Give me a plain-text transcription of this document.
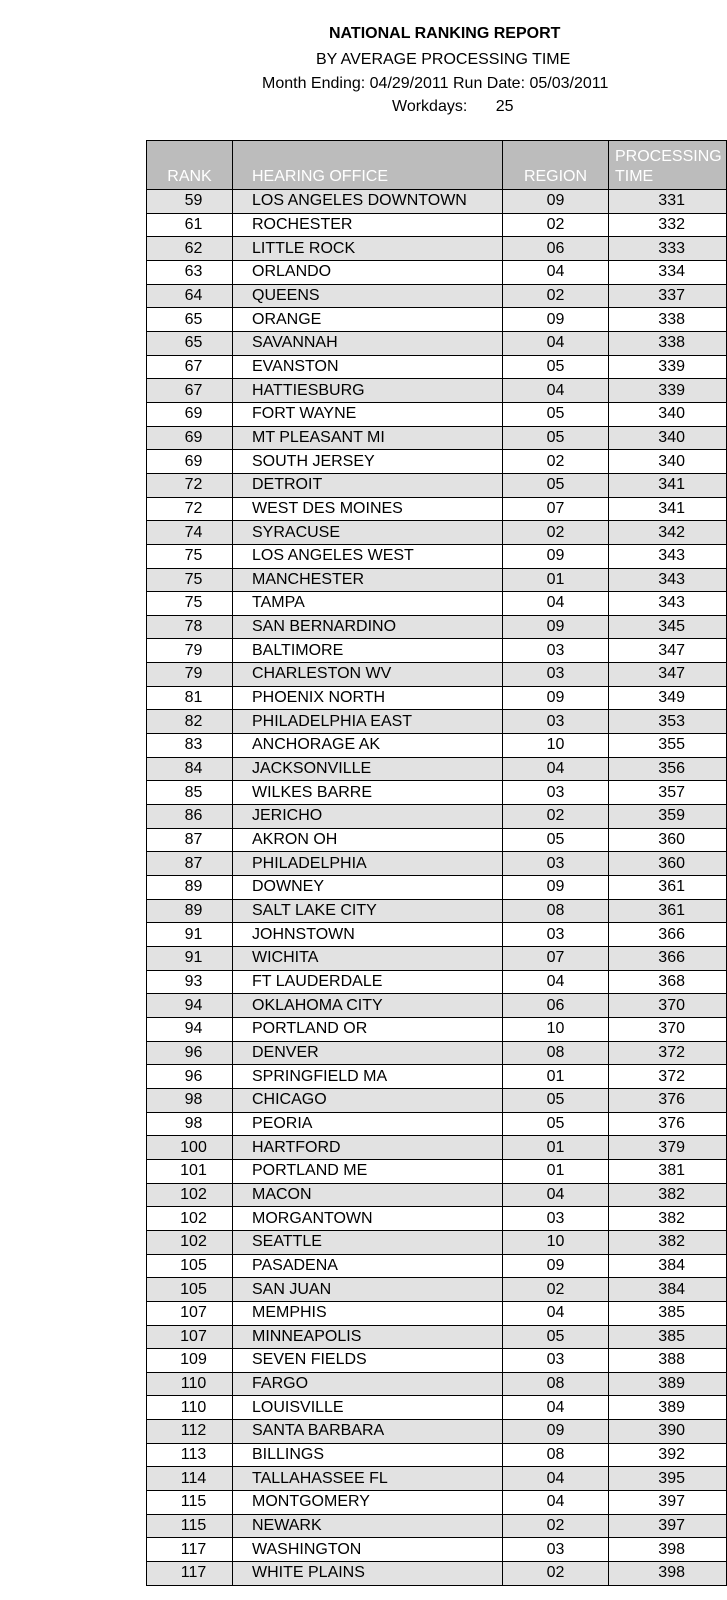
NATIONAL RANKING REPORT
BY AVERAGE PROCESSING TIME
Month Ending: 04/29/2011 Run Date: 05/03/2011
Workdays: 25
RANK	HEARING OFFICE	REGION	PROCESSING
TIME

59	LOS ANGELES DOWNTOWN	09	331
61	ROCHESTER	02	332
62	LITTLE ROCK	06	333
63	ORLANDO	04	334
64	QUEENS	02	337
65	ORANGE	09	338
65	SAVANNAH	04	338
67	EVANSTON	05	339
67	HATTIESBURG	04	339
69	FORT WAYNE	05	340
69	MT PLEASANT MI	05	340
69	SOUTH JERSEY	02	340
72	DETROIT	05	341
72	WEST DES MOINES	07	341
74	SYRACUSE	02	342
75	LOS ANGELES WEST	09	343
75	MANCHESTER	01	343
75	TAMPA	04	343
78	SAN BERNARDINO	09	345
79	BALTIMORE	03	347
79	CHARLESTON WV	03	347
81	PHOENIX NORTH	09	349
82	PHILADELPHIA EAST	03	353
83	ANCHORAGE AK	10	355
84	JACKSONVILLE	04	356
85	WILKES BARRE	03	357
86	JERICHO	02	359
87	AKRON OH	05	360
87	PHILADELPHIA	03	360
89	DOWNEY	09	361
89	SALT LAKE CITY	08	361
91	JOHNSTOWN	03	366
91	WICHITA	07	366
93	FT LAUDERDALE	04	368
94	OKLAHOMA CITY	06	370
94	PORTLAND OR	10	370
96	DENVER	08	372
96	SPRINGFIELD MA	01	372
98	CHICAGO	05	376
98	PEORIA	05	376
100	HARTFORD	01	379
101	PORTLAND ME	01	381
102	MACON	04	382
102	MORGANTOWN	03	382
102	SEATTLE	10	382
105	PASADENA	09	384
105	SAN JUAN	02	384
107	MEMPHIS	04	385
107	MINNEAPOLIS	05	385
109	SEVEN FIELDS	03	388
110	FARGO	08	389
110	LOUISVILLE	04	389
112	SANTA BARBARA	09	390
113	BILLINGS	08	392
114	TALLAHASSEE FL	04	395
115	MONTGOMERY	04	397
115	NEWARK	02	397
117	WASHINGTON	03	398
117	WHITE PLAINS	02	398
